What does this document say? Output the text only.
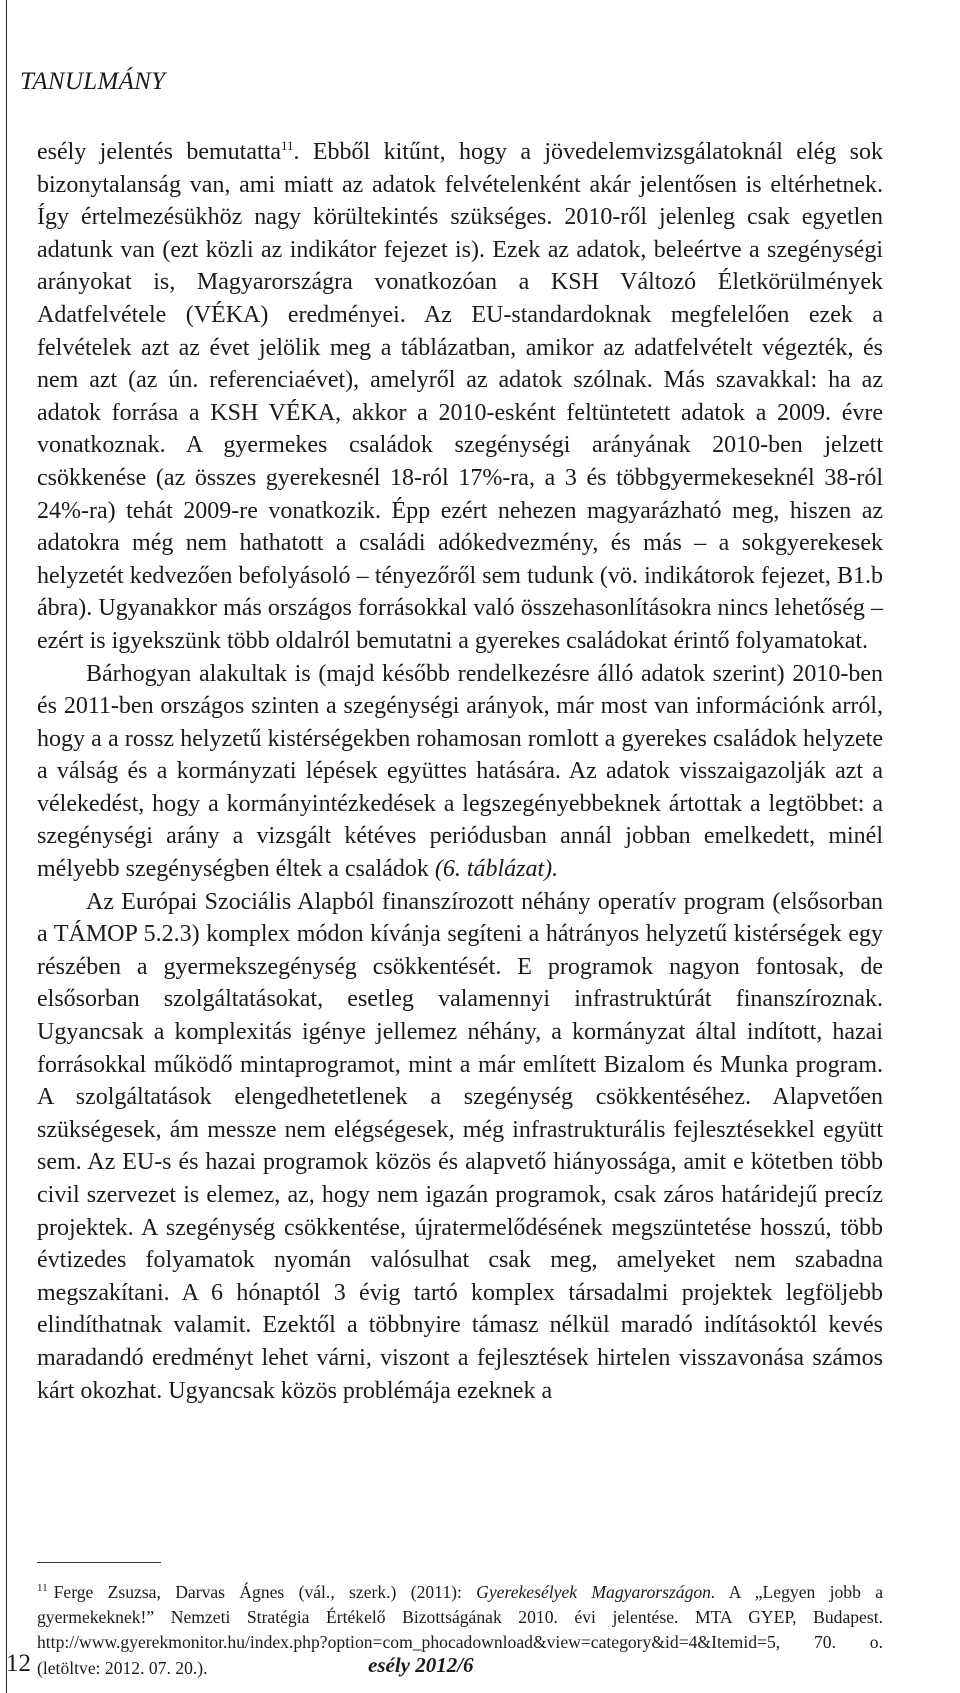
TANULMÁNY

esély jelentés bemutatta$^{11}$. Ebből kitűnt, hogy a jövedelemvizsgálatoknál elég sok bizonytalanság van, ami miatt az adatok felvételenként akár jelentősen is eltérhetnek. Így értelmezésükhöz nagy körültekintés szükséges. 2010-ről jelenleg csak egyetlen adatunk van (ezt közli az indikátor fejezet is). Ezek az adatok, beleértve a szegénységi arányokat is, Magyarországra vonatkozóan a KSH Változó Életkörülmények Adatfelvétele (VÉKA) eredményei. Az EU-standardoknak megfelelően ezek a felvételek azt az évet jelölik meg a táblázatban, amikor az adatfelvételt végezték, és nem azt (az ún. referenciaévet), amelyről az adatok szólnak. Más szavakkal: ha az adatok forrása a KSH VÉKA, akkor a 2010-esként feltüntetett adatok a 2009. évre vonatkoznak. A gyermekes családok szegénységi arányának 2010-ben jelzett csökkenése (az összes gyerekesnél 18-ról 17%-ra, a 3 és többgyermekeseknél 38-ról 24%-ra) tehát 2009-re vonatkozik. Épp ezért nehezen magyarázható meg, hiszen az adatokra még nem hathatott a családi adókedvezmény, és más – a sokgyerekesek helyzetét kedvezően befolyásoló – tényezőről sem tudunk (vö. indikátorok fejezet, B1.b ábra). Ugyanakkor más országos forrásokkal való összehasonlításokra nincs lehetőség – ezért is igyekszünk több oldalról bemutatni a gyerekes családokat érintő folyamatokat.

Bárhogyan alakultak is (majd később rendelkezésre álló adatok szerint) 2010-ben és 2011-ben országos szinten a szegénységi arányok, már most van információnk arról, hogy a a rossz helyzetű kistérségekben rohamosan romlott a gyerekes családok helyzete a válság és a kormányzati lépések együttes hatására. Az adatok visszaigazolják azt a vélekedést, hogy a kormányintézkedések a legszegényebbeknek ártottak a legtöbbet: a szegénységi arány a vizsgált kétéves periódusban annál jobban emelkedett, minél mélyebb szegénységben éltek a családok (6. táblázat).

Az Európai Szociális Alapból finanszírozott néhány operatív program (elsősorban a TÁMOP 5.2.3) komplex módon kívánja segíteni a hátrányos helyzetű kistérségek egy részében a gyermekszegénység csökkentését. E programok nagyon fontosak, de elsősorban szolgáltatásokat, esetleg valamennyi infrastruktúrát finanszíroznak. Ugyancsak a komplexitás igénye jellemez néhány, a kormányzat által indított, hazai forrásokkal működő mintaprogramot, mint a már említett Bizalom és Munka program. A szolgáltatások elengedhetetlenek a szegénység csökkentéséhez. Alapvetően szükségesek, ám messze nem elégségesek, még infrastrukturális fejlesztésekkel együtt sem. Az EU-s és hazai programok közös és alapvető hiányossága, amit e kötetben több civil szervezet is elemez, az, hogy nem igazán programok, csak záros határidejű precíz projektek. A szegénység csökkentése, újratermelődésének megszüntetése hosszú, több évtizedes folyamatok nyomán valósulhat csak meg, amelyeket nem szabadna megszakítani. A 6 hónaptól 3 évig tartó komplex társadalmi projektek legföljebb elindíthatnak valamit. Ezektől a többnyire támasz nélkül maradó indításoktól kevés maradandó eredményt lehet várni, viszont a fejlesztések hirtelen visszavonása számos kárt okozhat. Ugyancsak közös problémája ezeknek a

$^{11}$ Ferge Zsuzsa, Darvas Ágnes (vál., szerk.) (2011): Gyerekesélyek Magyarországon. A „Legyen jobb a gyermekeknek!” Nemzeti Stratégia Értékelő Bizottságának 2010. évi jelentése. MTA GYEP, Budapest. http://www.gyerekmonitor.hu/index.php?option=com_phocadownload&view=category&id=4&Itemid=5, 70. o. (letöltve: 2012. 07. 20.).
12	esély 2012/6
